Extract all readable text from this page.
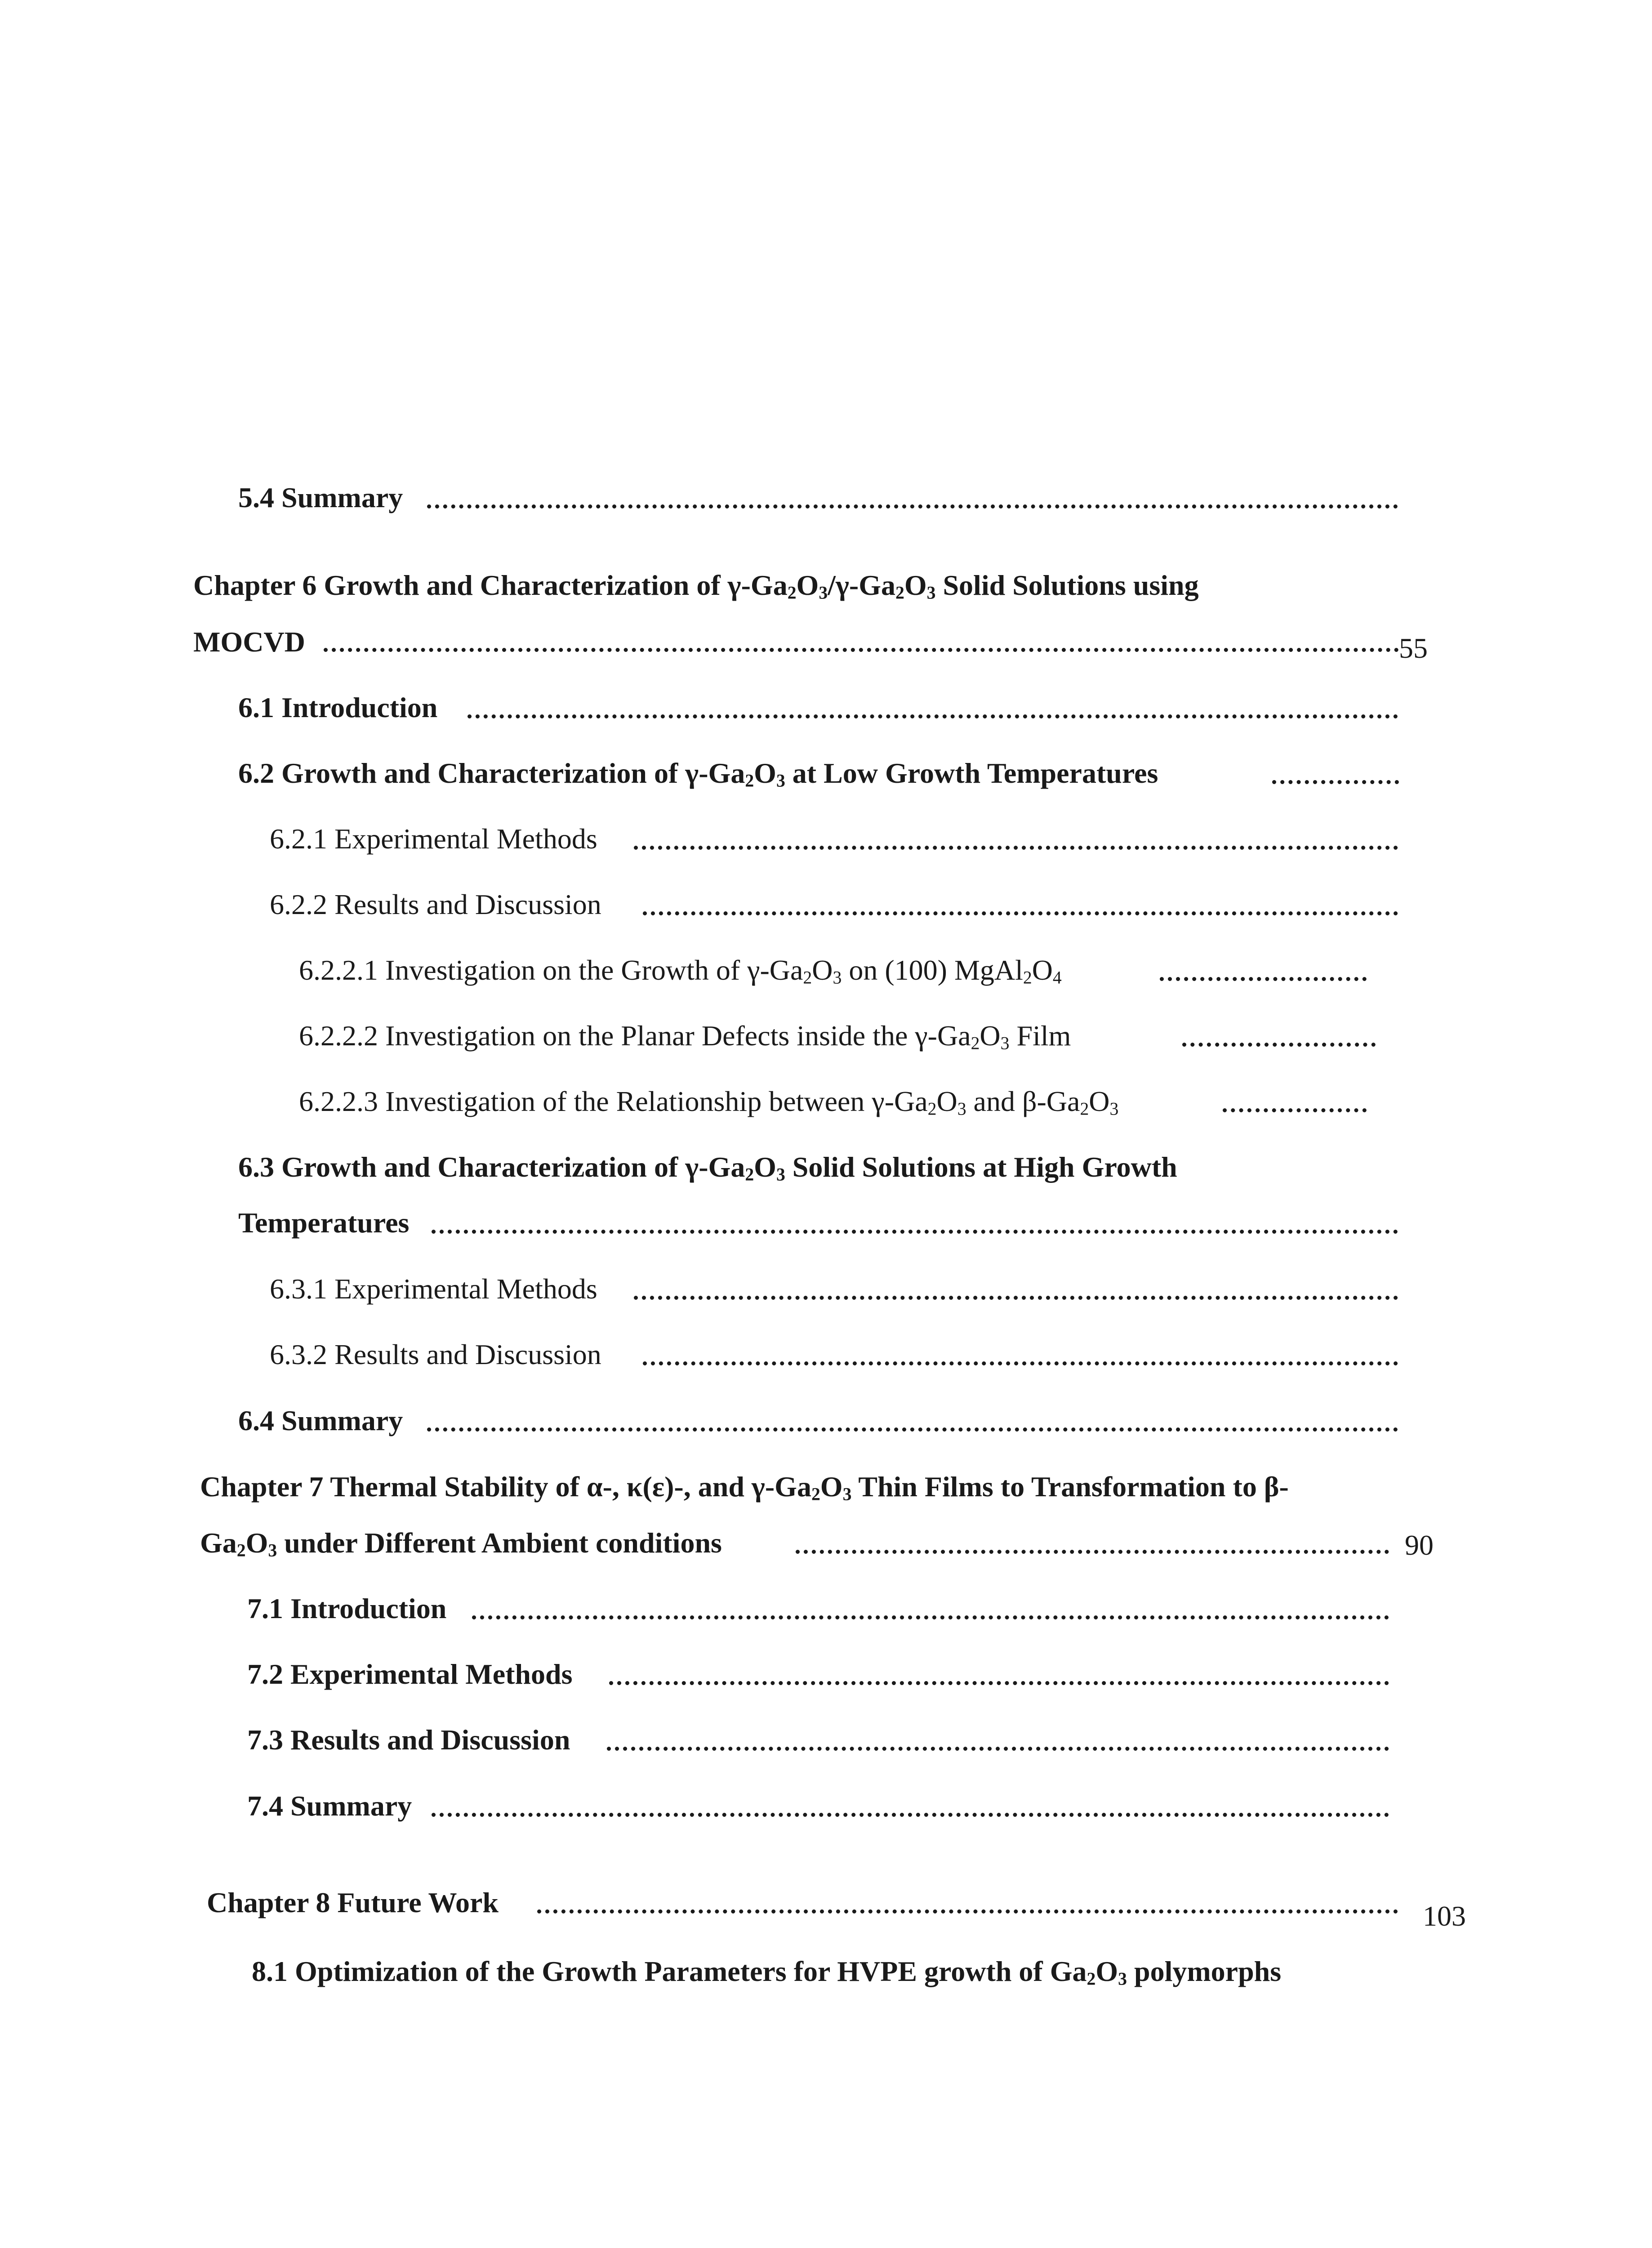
5.4 Summary
Chapter 6 Growth and Characterization of $\gamma-Ga_2O_3/\gamma-Ga_2O_3$ Solid Solutions using
MOCVD	55
6.1 Introduction
6.2 Growth and Characterization of $\gamma-Ga_2O_3$ at Low Growth Temperatures
6.2.1 Experimental Methods
6.2.2 Results and Discussion
6.2.2.1 Investigation on the Growth of $\gamma-Ga_2O_3$ on (100) $MgAl_2O_4$
6.2.2.2 Investigation on the Planar Defects inside the $\gamma-Ga_2O_3$ Film
6.2.2.3 Investigation of the Relationship between $\gamma-Ga_2O_3$ and $\beta-Ga_2O_3$
6.3 Growth and Characterization of $\gamma-Ga_2O_3$ Solid Solutions at High Growth
Temperatures
6.3.1 Experimental Methods
6.3.2 Results and Discussion
6.4 Summary
Chapter 7 Thermal Stability of α-, κ(ε)-, and $\gamma-Ga_2O_3$ Thin Films to Transformation to β-
$Ga_2O_3$ under Different Ambient conditions	90
7.1 Introduction
7.2 Experimental Methods
7.3 Results and Discussion
7.4 Summary
Chapter 8 Future Work	103
8.1 Optimization of the Growth Parameters for HVPE growth of $Ga_2O_3$ polymorphs
